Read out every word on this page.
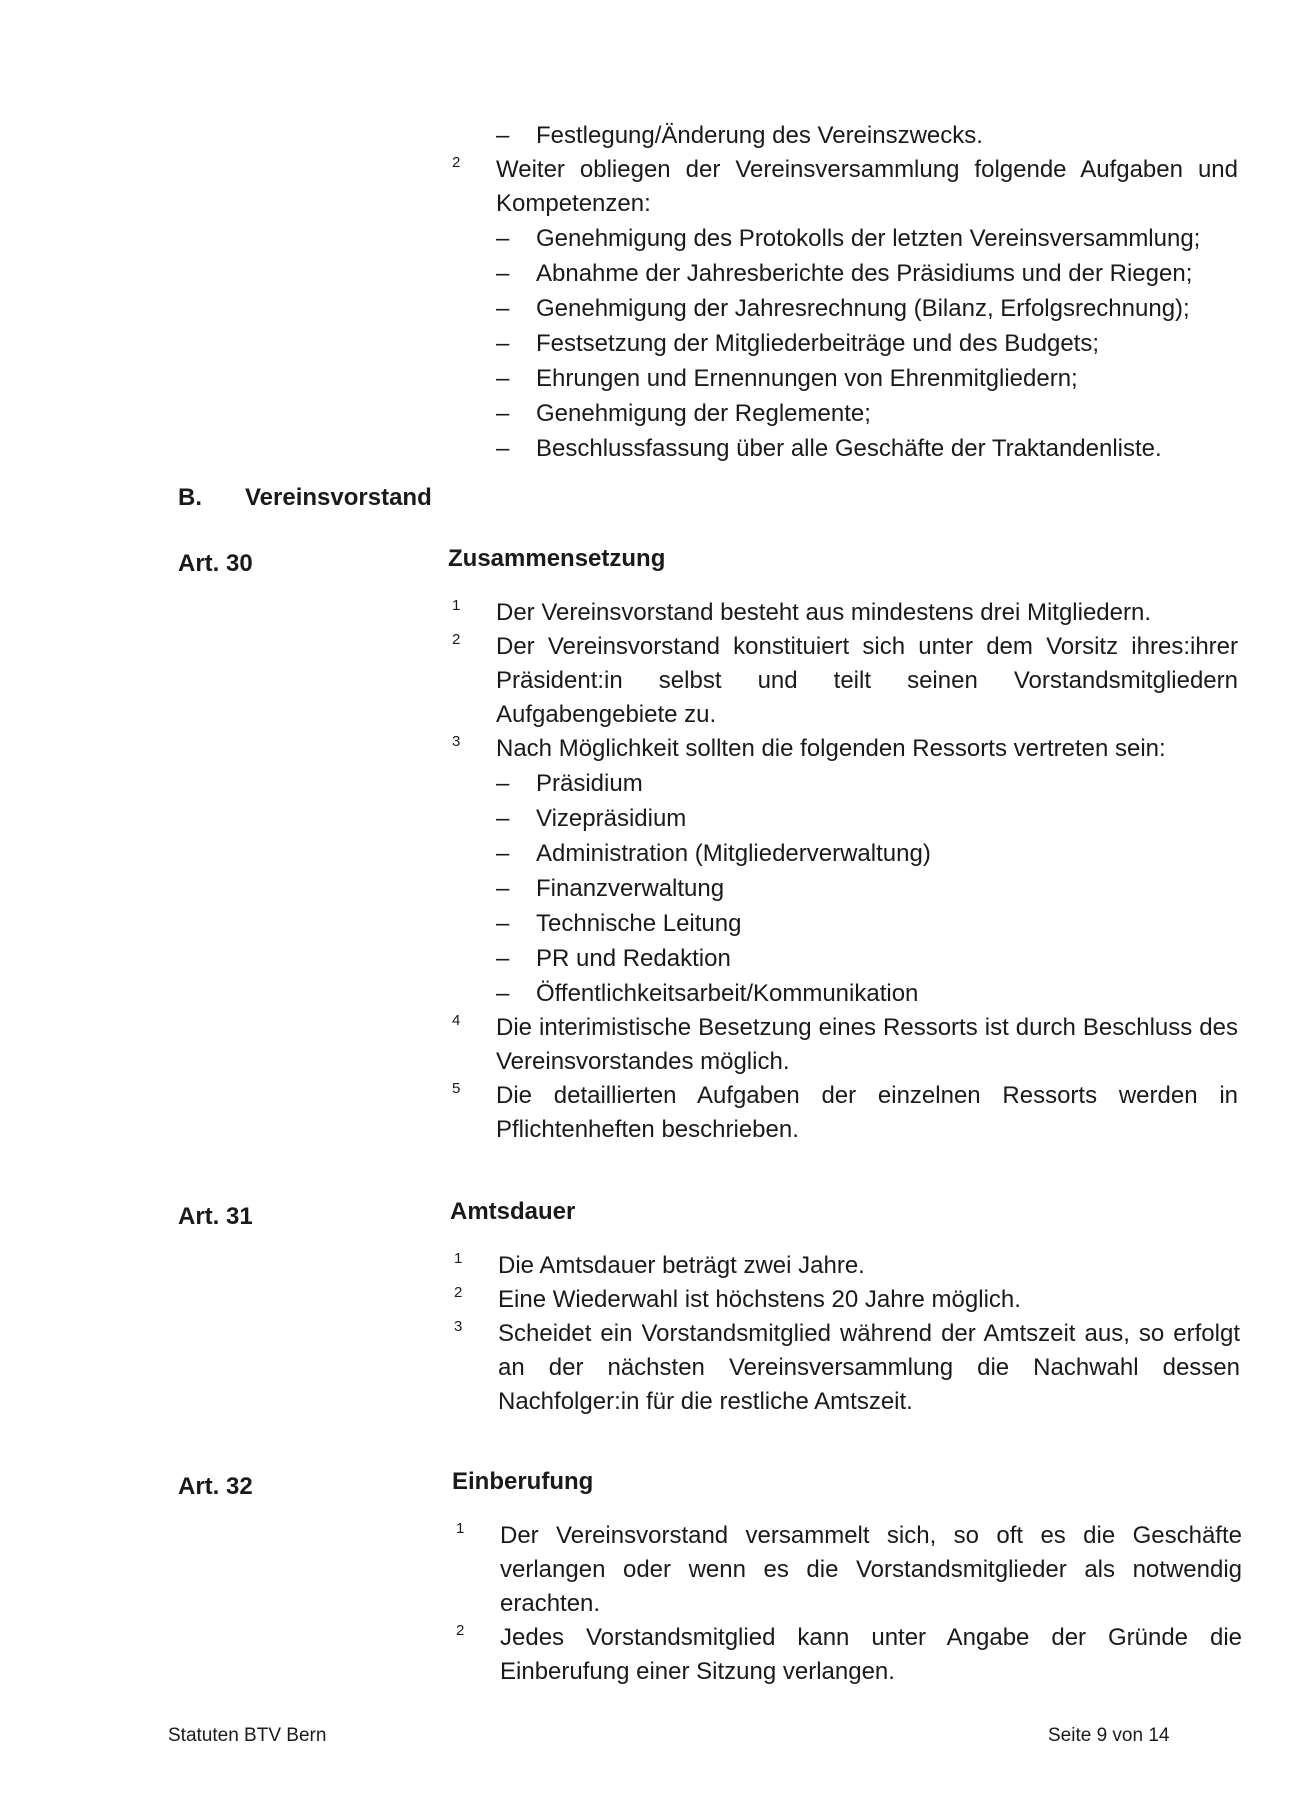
– Festlegung/Änderung des Vereinszwecks.
2 Weiter obliegen der Vereinsversammlung folgende Aufgaben und Kompetenzen:
– Genehmigung des Protokolls der letzten Vereinsversammlung;
– Abnahme der Jahresberichte des Präsidiums und der Riegen;
– Genehmigung der Jahresrechnung (Bilanz, Erfolgsrechnung);
– Festsetzung der Mitgliederbeiträge und des Budgets;
– Ehrungen und Ernennungen von Ehrenmitgliedern;
– Genehmigung der Reglemente;
– Beschlussfassung über alle Geschäfte der Traktandenliste.
B. Vereinsvorstand
Art. 30	Zusammensetzung
1 Der Vereinsvorstand besteht aus mindestens drei Mitgliedern.
2 Der Vereinsvorstand konstituiert sich unter dem Vorsitz ihres:ihrer Präsident:in selbst und teilt seinen Vorstandsmitgliedern Aufgabengebiete zu.
3 Nach Möglichkeit sollten die folgenden Ressorts vertreten sein:
– Präsidium
– Vizepräsidium
– Administration (Mitgliederverwaltung)
– Finanzverwaltung
– Technische Leitung
– PR und Redaktion
– Öffentlichkeitsarbeit/Kommunikation
4 Die interimistische Besetzung eines Ressorts ist durch Beschluss des Vereinsvorstandes möglich.
5 Die detaillierten Aufgaben der einzelnen Ressorts werden in Pflichtenheften beschrieben.
Art. 31	Amtsdauer
1 Die Amtsdauer beträgt zwei Jahre.
2 Eine Wiederwahl ist höchstens 20 Jahre möglich.
3 Scheidet ein Vorstandsmitglied während der Amtszeit aus, so erfolgt an der nächsten Vereinsversammlung die Nachwahl dessen Nachfolger:in für die restliche Amtszeit.
Art. 32	Einberufung
1 Der Vereinsvorstand versammelt sich, so oft es die Geschäfte verlangen oder wenn es die Vorstandsmitglieder als notwendig erachten.
2 Jedes Vorstandsmitglied kann unter Angabe der Gründe die Einberufung einer Sitzung verlangen.
Statuten BTV Bern	Seite 9 von 14
